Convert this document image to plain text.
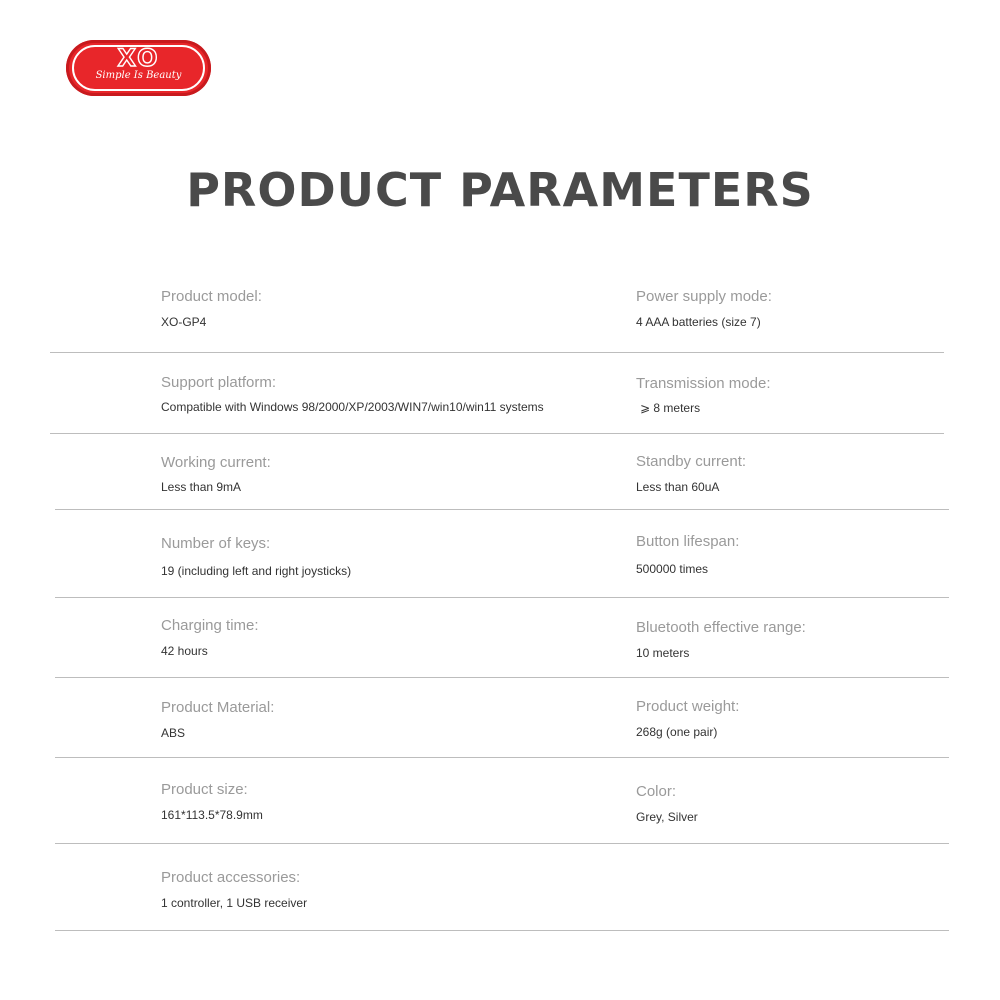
XO
Simple Is Beauty
PRODUCT PARAMETERS
Product model:
XO-GP4
Power supply mode:
4 AAA batteries (size 7)
Support platform:
Compatible with Windows 98/2000/XP/2003/WIN7/win10/win11 systems
Transmission mode:
⩾ 8 meters
Working current:
Less than 9mA
Standby current:
Less than 60uA
Number of keys:
19 (including left and right joysticks)
Button lifespan:
500000 times
Charging time:
42 hours
Bluetooth effective range:
10 meters
Product Material:
ABS
Product weight:
268g (one pair)
Product size:
161*113.5*78.9mm
Color:
Grey, Silver
Product accessories:
1 controller, 1 USB receiver
